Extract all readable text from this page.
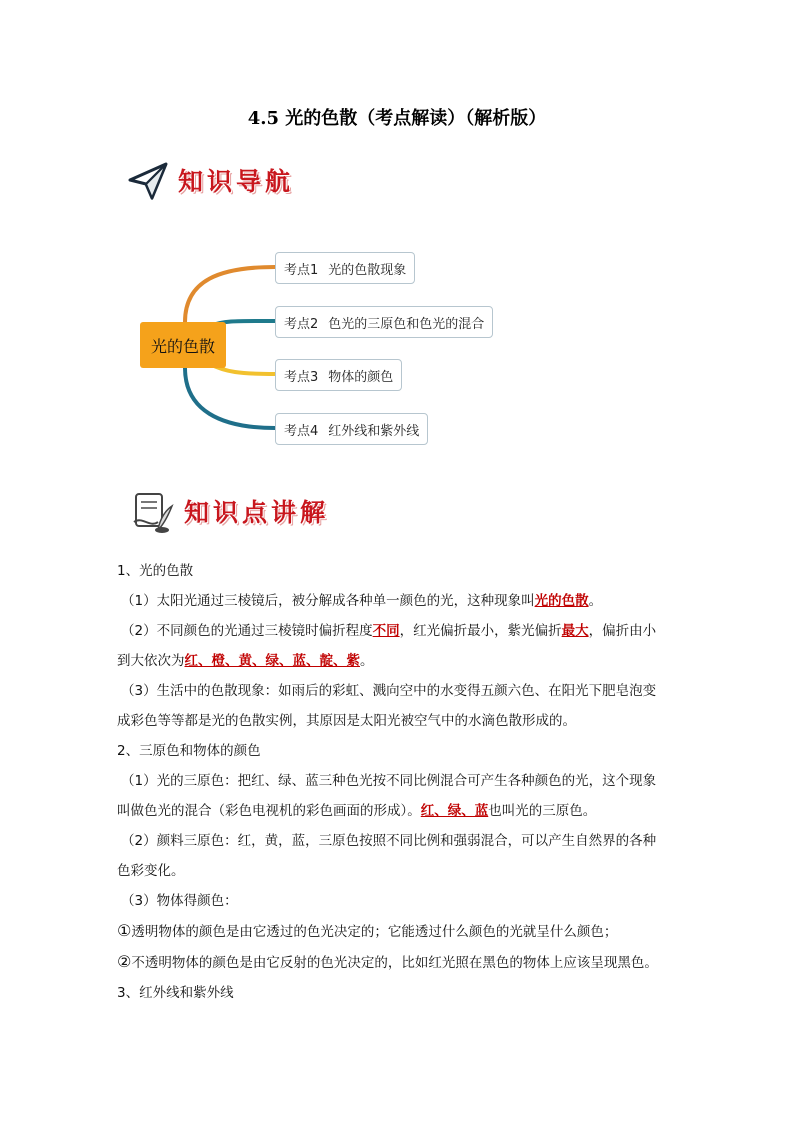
4.5 光的色散（考点解读）（解析版）
知识导航
光的色散
考点1 光的色散现象
考点2 色光的三原色和色光的混合
考点3 物体的颜色
考点4 红外线和紫外线
知识点讲解

1、光的色散

（1）太阳光通过三棱镜后，被分解成各种单一颜色的光，这种现象叫光的色散。

（2）不同颜色的光通过三棱镜时偏折程度不同，红光偏折最小，紫光偏折最大，偏折由小

到大依次为红、橙、黄、绿、蓝、靛、紫。

（3）生活中的色散现象：如雨后的彩虹、溅向空中的水变得五颜六色、在阳光下肥皂泡变

成彩色等等都是光的色散实例，其原因是太阳光被空气中的水滴色散形成的。

2、三原色和物体的颜色

（1）光的三原色：把红、绿、蓝三种色光按不同比例混合可产生各种颜色的光，这个现象

叫做色光的混合（彩色电视机的彩色画面的形成）。红、绿、蓝也叫光的三原色。

（2）颜料三原色：红，黄，蓝，三原色按照不同比例和强弱混合，可以产生自然界的各种

色彩变化。

（3）物体得颜色：

①透明物体的颜色是由它透过的色光决定的；它能透过什么颜色的光就呈什么颜色；

②不透明物体的颜色是由它反射的色光决定的，比如红光照在黑色的物体上应该呈现黑色。

3、红外线和紫外线
